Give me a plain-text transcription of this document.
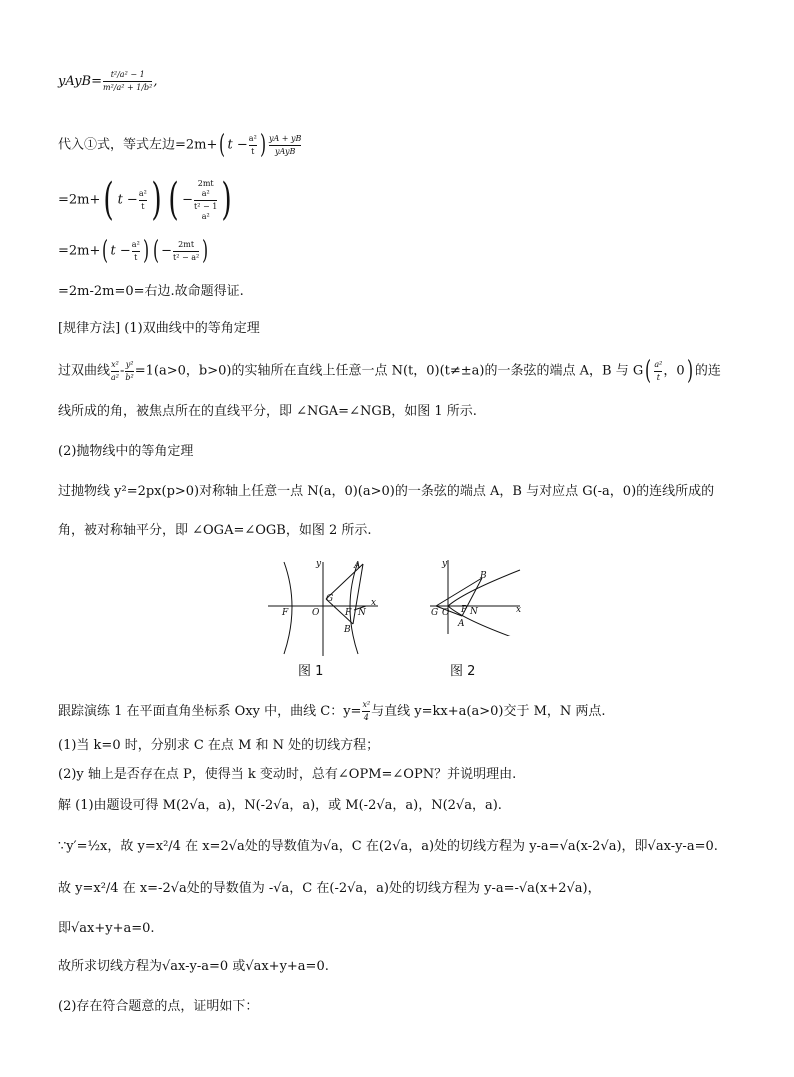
yAyB= $\frac{\text{t²/a² − 1}}{\text{m²/a² + 1/b²}}$ ,
代入①式，等式左边=2m+( $t - \frac{\text{a²}}{t}$ ) $\frac{yA + yB}{\text{yAyB}}$
=2m+( $t - \frac{\text{a²}}{t}$ ) ( −
2mt
a²
t² − 1
a² )
=2m+( $t - \frac{\text{a²}}{t}$ ) ( − $\frac{2mt}{\text{t² − a²}}$ )
=2m-2m=0=右边.故命题得证.
[规律方法] (1)双曲线中的等角定理
过双曲线 $\frac{\text{x²}}{\text{a²}} - \frac{\text{y²}}{\text{b²}} =1(a>0$，b>0)的实轴所在直线上任意一点 N(t，0)(t≠±a)的一条弦的端点 A，B 与 $G( \frac{\text{a²}}{t}$ ，0) 的连
线所成的角，被焦点所在的直线平分，即 ∠NGA=∠NGB，如图 1 所示.
(2)抛物线中的等角定理
过抛物线 y²=2px(p>0)对称轴上任意一点 N(a，0)(a>0)的一条弦的端点 A，B 与对应点 G(-a，0)的连线所成的
角，被对称轴平分，即 ∠OGA=∠OGB，如图 2 所示.
y
x
O
G
F	F N
A
B
图 1
y
x
G O P N
A
B
图 2
跟踪演练 1 在平面直角坐标系 Oxy 中，曲线 C：$y= \frac{\text{x²}}{4}$ 与直线 y=kx+a(a>0)交于 M，N 两点.
(1)当 k=0 时，分别求 C 在点 M 和 N 处的切线方程；
(2)y 轴上是否存在点 P，使得当 k 变动时，总有∠OPM=∠OPN？并说明理由.
解 (1)由题设可得 M(2√a，a)，N(-2√a，a)，或 M(-2√a，a)，N(2√a，a).
∵y′=½x，故 y=x²/4 在 x=2√a处的导数值为√a，C 在(2√a，a)处的切线方程为 y-a=√a(x-2√a)，即√ax-y-a=0.
故 y=x²/4 在 x=-2√a处的导数值为 -√a，C 在(-2√a，a)处的切线方程为 y-a=-√a(x+2√a)，
即√ax+y+a=0.
故所求切线方程为√ax-y-a=0 或√ax+y+a=0.
(2)存在符合题意的点，证明如下：
